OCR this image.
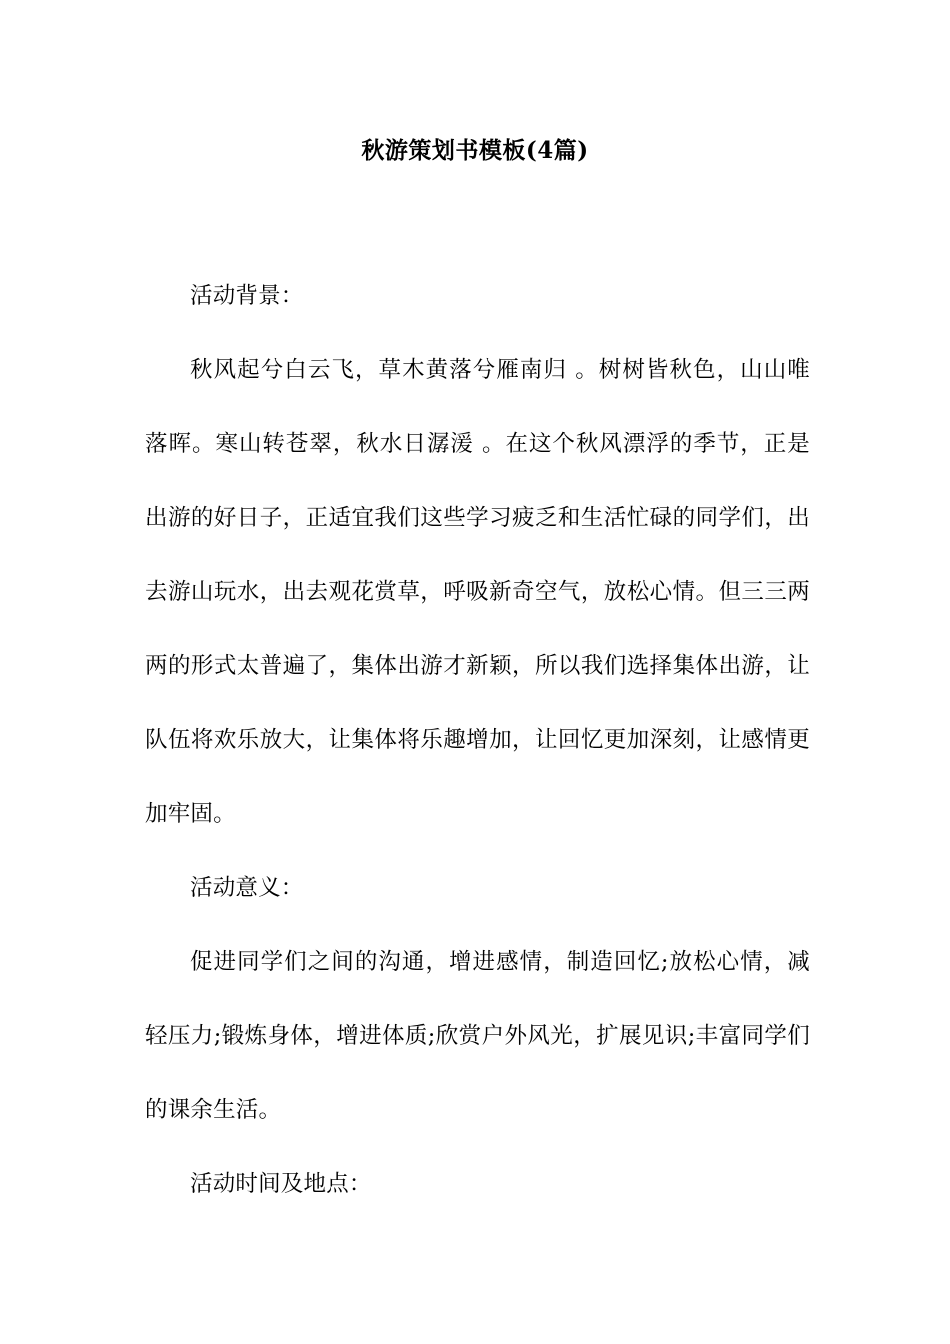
秋游策划书模板(4篇)

活动背景：

秋风起兮白云飞，草木黄落兮雁南归 。树树皆秋色，山山唯落晖。寒山转苍翠，秋水日潺湲 。在这个秋风漂浮的季节，正是出游的好日子，正适宜我们这些学习疲乏和生活忙碌的同学们，出去游山玩水，出去观花赏草，呼吸新奇空气，放松心情。但三三两两的形式太普遍了，集体出游才新颖，所以我们选择集体出游，让队伍将欢乐放大，让集体将乐趣增加，让回忆更加深刻，让感情更加牢固。

活动意义：

促进同学们之间的沟通，增进感情，制造回忆;放松心情，减轻压力;锻炼身体，增进体质;欣赏户外风光，扩展见识;丰富同学们的课余生活。

活动时间及地点：
